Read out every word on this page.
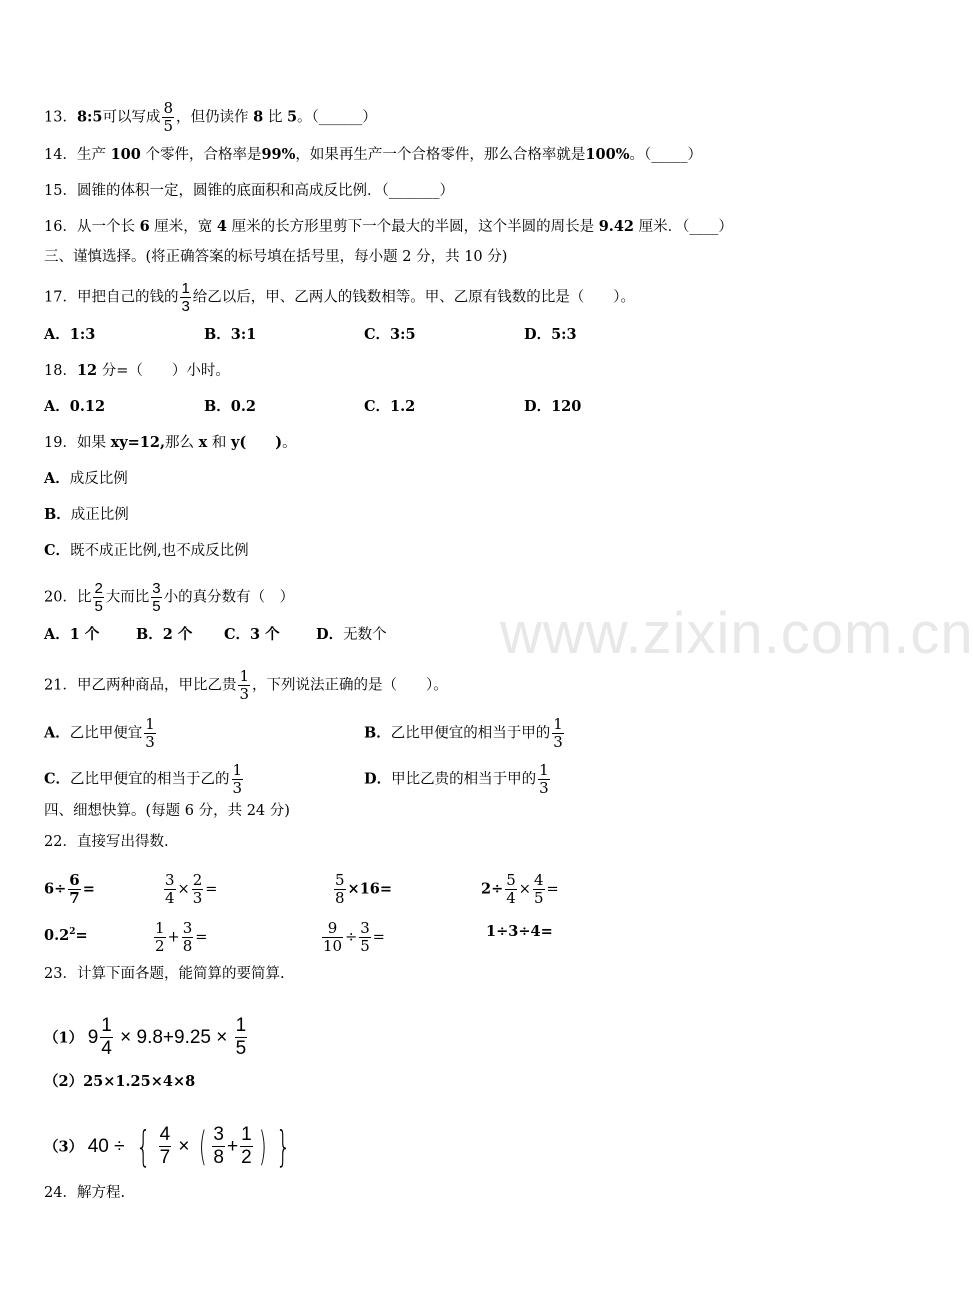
www.zixin.com.cn
13．8:5可以写成 $\frac{8}{5}$ ，但仍读作 8 比 5。（______）
14．生产 100 个零件，合格率是99%，如果再生产一个合格零件，那么合格率就是100%。（_____）
15．圆锥的体积一定，圆锥的底面积和高成反比例．（_______）
16．从一个长 6 厘米，宽 4 厘米的长方形里剪下一个最大的半圆，这个半圆的周长是 9.42 厘米．（____）
三、谨慎选择。(将正确答案的标号填在括号里，每小题 2 分，共 10 分)
17．甲把自己的钱的 $\frac{1}{3}$ 给乙以后，甲、乙两人的钱数相等。甲、乙原有钱数的比是（　　）。
A．1:3	B．3:1	C．3:5	D．5:3
18．12 分=（　　）小时。
A．0.12	B．0.2	C．1.2	D．120
19．如果 xy=12,那么 x 和 y(　　)。
A．成反比例
B．成正比例
C．既不成正比例,也不成反比例
20．比 $\frac{2}{5}$ 大而比 $\frac{3}{5}$ 小的真分数有（　）
A．1 个	B．2 个 C．3 个	D．无数个
21．甲乙两种商品，甲比乙贵 $\frac{1}{3}$ ，下列说法正确的是（　　）。
A．乙比甲便宜 $\frac{1}{3}$	B．乙比甲便宜的相当于甲的 $\frac{1}{3}$
C．乙比甲便宜的相当于乙的 $\frac{1}{3}$	D．甲比乙贵的相当于甲的 $\frac{1}{3}$
四、细想快算。(每题 6 分，共 24 分)
22．直接写出得数.
$6\div \frac{6}{7}$ =	$\frac{3}{4} \times \frac{2}{3}$ =	$\frac{5}{8} \times 16=$	$2\div \frac{5}{4} \times \frac{4}{5}$ =
$0.2^2=$	$\frac{1}{2} + \frac{3}{8}$ =	$\frac{9}{10} \div \frac{3}{5}$ =	1÷3÷4=
23．计算下面各题，能简算的要简算.
（1） $9 \frac{1}{4} \times 9.8+9.25 \times \frac{1}{5}$
（2）25×1.25×4×8
（3） 40 ÷ { $\frac{4}{7}$ × ( $\frac{3}{8} + \frac{1}{2}$ ) }
24．解方程.
